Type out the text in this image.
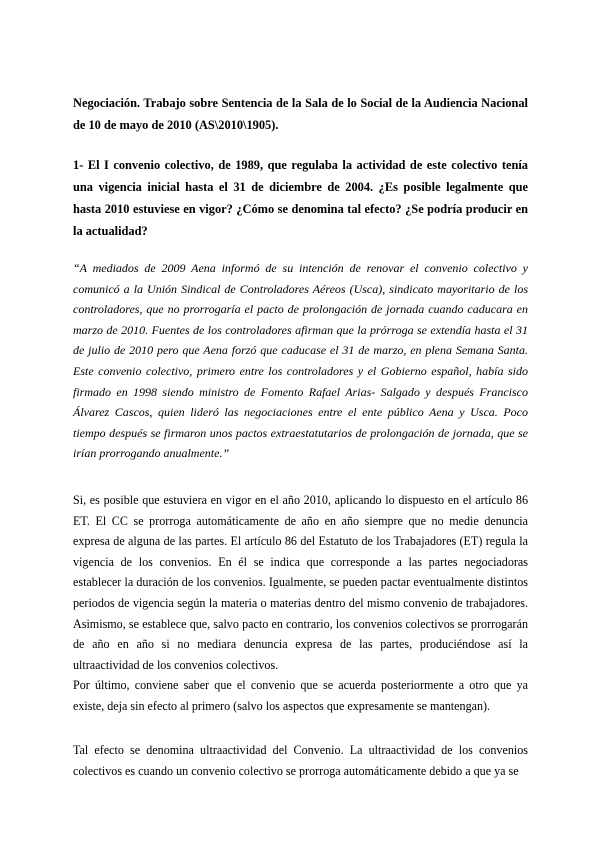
Negociación. Trabajo sobre Sentencia de la Sala de lo Social de la Audiencia Nacional de 10 de mayo de 2010 (AS\2010\1905).

1- El I convenio colectivo, de 1989, que regulaba la actividad de este colectivo tenía una vigencia inicial hasta el 31 de diciembre de 2004. ¿Es posible legalmente que hasta 2010 estuviese en vigor? ¿Cómo se denomina tal efecto? ¿Se podría producir en la actualidad?

“A mediados de 2009 Aena informó de su intención de renovar el convenio colectivo y comunicó a la Unión Sindical de Controladores Aéreos (Usca), sindicato mayoritario de los controladores, que no prorrogaría el pacto de prolongación de jornada cuando caducara en marzo de 2010. Fuentes de los controladores afirman que la prórroga se extendía hasta el 31 de julio de 2010 pero que Aena forzó que caducase el 31 de marzo, en plena Semana Santa. Este convenio colectivo, primero entre los controladores y el Gobierno español, había sido firmado en 1998 siendo ministro de Fomento Rafael Arias- Salgado y después Francisco Álvarez Cascos, quien lideró las negociaciones entre el ente público Aena y Usca. Poco tiempo después se firmaron unos pactos extraestatutarios de prolongación de jornada, que se irían prorrogando anualmente.”

Si, es posible que estuviera en vigor en el año 2010, aplicando lo dispuesto en el artículo 86 ET. El CC se prorroga automáticamente de año en año siempre que no medie denuncia expresa de alguna de las partes. El artículo 86 del Estatuto de los Trabajadores (ET) regula la vigencia de los convenios. En él se indica que corresponde a las partes negociadoras establecer la duración de los convenios. Igualmente, se pueden pactar eventualmente distintos periodos de vigencia según la materia o materias dentro del mismo convenio de trabajadores. Asimismo, se establece que, salvo pacto en contrario, los convenios colectivos se prorrogarán de año en año si no mediara denuncia expresa de las partes, produciéndose así la ultraactividad de los convenios colectivos.

Por último, conviene saber que el convenio que se acuerda posteriormente a otro que ya existe, deja sin efecto al primero (salvo los aspectos que expresamente se mantengan).

Tal efecto se denomina ultraactividad del Convenio. La ultraactividad de los convenios colectivos es cuando un convenio colectivo se prorroga automáticamente debido a que ya se
